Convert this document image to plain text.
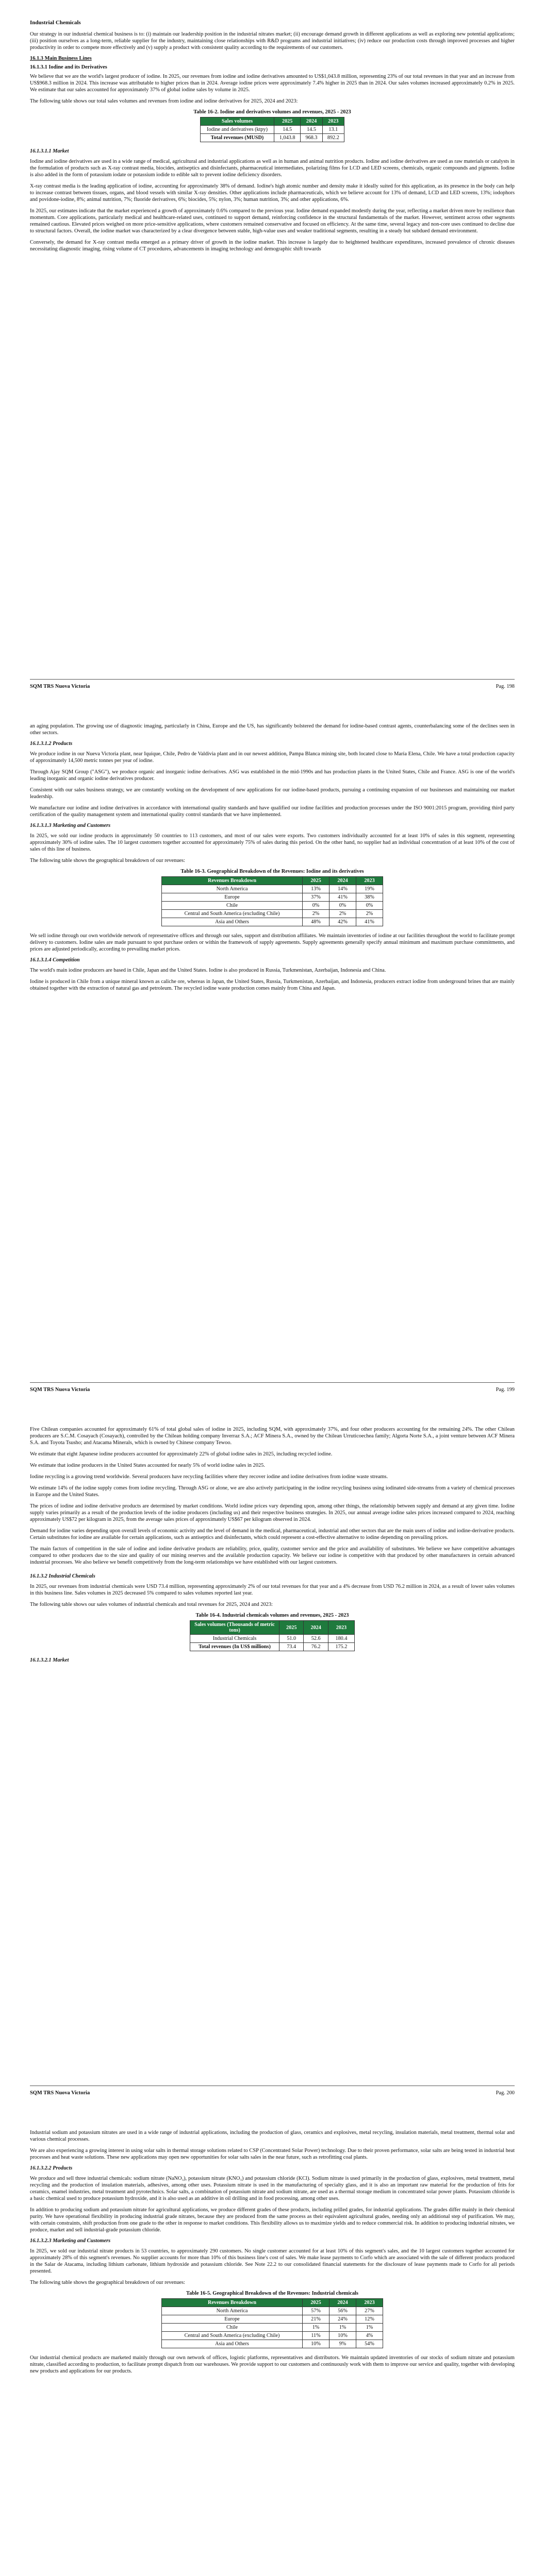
Industrial Chemicals

Our strategy in our industrial chemical business is to: (i) maintain our leadership position in the industrial nitrates market; (ii) encourage demand growth in different applications as well as exploring new potential applications; (iii) position ourselves as a long-term, reliable supplier for the industry, maintaining close relationships with R&D programs and industrial initiatives; (iv) reduce our production costs through improved processes and higher productivity in order to compete more effectively and (v) supply a product with consistent quality according to the requirements of our customers.

16.1.3 Main Business Lines
16.1.3.1 Iodine and its Derivatives

We believe that we are the world's largest producer of iodine. In 2025, our revenues from iodine and iodine derivatives amounted to US$1,043.8 million, representing 23% of our total revenues in that year and an increase from US$968.3 million in 2024. This increase was attributable to higher prices than in 2024. Average iodine prices were approximately 7.4% higher in 2025 than in 2024. Our sales volumes increased approximately 0.2% in 2025. We estimate that our sales accounted for approximately 37% of global iodine sales by volume in 2025.

The following table shows our total sales volumes and revenues from iodine and iodine derivatives for 2025, 2024 and 2023:

Table 16-2. Iodine and derivatives volumes and revenues, 2025 - 2023
Sales volumes	2025	2024	2023
Iodine and derivatives (ktpy)	14.5	14.5	13.1
Total revenues (MUSD)	1,043.8	968.3	892.2
16.1.3.1.1 Market

Iodine and iodine derivatives are used in a wide range of medical, agricultural and industrial applications as well as in human and animal nutrition products. Iodine and iodine derivatives are used as raw materials or catalysts in the formulation of products such as X-ray contrast media, biocides, antiseptics and disinfectants, pharmaceutical intermediates, polarizing films for LCD and LED screens, chemicals, organic compounds and pigments. Iodine is also added in the form of potassium iodate or potassium iodide to edible salt to prevent iodine deficiency disorders.

X-ray contrast media is the leading application of iodine, accounting for approximately 38% of demand. Iodine's high atomic number and density make it ideally suited for this application, as its presence in the body can help to increase contrast between tissues, organs, and blood vessels with similar X-ray densities. Other applications include pharmaceuticals, which we believe account for 13% of demand, LCD and LED screens, 13%; iodophors and povidone-iodine, 8%; animal nutrition, 7%; fluoride derivatives, 6%; biocides, 5%; nylon, 3%; human nutrition, 3%; and other applications, 6%.

In 2025, our estimates indicate that the market experienced a growth of approximately 0.6% compared to the previous year. Iodine demand expanded modestly during the year, reflecting a market driven more by resilience than momentum. Core applications, particularly medical and healthcare-related uses, continued to support demand, reinforcing confidence in the structural fundamentals of the market. However, sentiment across other segments remained cautious. Elevated prices weighed on more price-sensitive applications, where customers remained conservative and focused on efficiency. At the same time, several legacy and non-core uses continued to decline due to structural factors. Overall, the iodine market was characterized by a clear divergence between stable, high-value uses and weaker traditional segments, resulting in a steady but subdued demand environment.

Conversely, the demand for X-ray contrast media emerged as a primary driver of growth in the iodine market. This increase is largely due to heightened healthcare expenditures, increased prevalence of chronic diseases necessitating diagnostic imaging, rising volume of CT procedures, advancements in imaging technology and demographic shift towards

SQM TRS Nuova Victoria	Pag. 198

an aging population. The growing use of diagnostic imaging, particularly in China, Europe and the US, has significantly bolstered the demand for iodine-based contrast agents, counterbalancing some of the declines seen in other sectors.

16.1.3.1.2 Products

We produce iodine in our Nueva Victoria plant, near Iquique, Chile, Pedro de Valdivia plant and in our newest addition, Pampa Blanca mining site, both located close to María Elena, Chile. We have a total production capacity of approximately 14,500 metric tonnes per year of iodine.

Through Ajay SQM Group ("ASG"), we produce organic and inorganic iodine derivatives. ASG was established in the mid-1990s and has production plants in the United States, Chile and France. ASG is one of the world's leading inorganic and organic iodine derivatives producer.

Consistent with our sales business strategy, we are constantly working on the development of new applications for our iodine-based products, pursuing a continuing expansion of our businesses and maintaining our market leadership.

We manufacture our iodine and iodine derivatives in accordance with international quality standards and have qualified our iodine facilities and production processes under the ISO 9001:2015 program, providing third party certification of the quality management system and international quality control standards that we have implemented.

16.1.3.1.3 Marketing and Customers

In 2025, we sold our iodine products in approximately 50 countries to 113 customers, and most of our sales were exports. Two customers individually accounted for at least 10% of sales in this segment, representing approximately 30% of iodine sales. The 10 largest customers together accounted for approximately 75% of sales during this period. On the other hand, no supplier had an individual concentration of at least 10% of the cost of sales of this line of business.

The following table shows the geographical breakdown of our revenues:

Table 16-3. Geographical Breakdown of the Revenues: Iodine and its derivatives
Revenues Breakdown	2025	2024	2023
North America	13%	14%	19%
Europe	37%	41%	38%
Chile	0%	0%	0%
Central and South America (excluding Chile)	2%	2%	2%
Asia and Others	48%	42%	41%

We sell iodine through our own worldwide network of representative offices and through our sales, support and distribution affiliates. We maintain inventories of iodine at our facilities throughout the world to facilitate prompt delivery to customers. Iodine sales are made pursuant to spot purchase orders or within the framework of supply agreements. Supply agreements generally specify annual minimum and maximum purchase commitments, and prices are adjusted periodically, according to prevailing market prices.

16.1.3.1.4 Competition

The world's main iodine producers are based in Chile, Japan and the United States. Iodine is also produced in Russia, Turkmenistan, Azerbaijan, Indonesia and China.

Iodine is produced in Chile from a unique mineral known as caliche ore, whereas in Japan, the United States, Russia, Turkmenistan, Azerbaijan, and Indonesia, producers extract iodine from underground brines that are mainly obtained together with the extraction of natural gas and petroleum. The recycled iodine waste production comes mainly from China and Japan.

SQM TRS Nuova Victoria	Pag. 199

Five Chilean companies accounted for approximately 61% of total global sales of iodine in 2025, including SQM, with approximately 37%, and four other producers accounting for the remaining 24%. The other Chilean producers are S.C.M. Cosayach (Cosayach), controlled by the Chilean holding company Inverraz S.A.; ACF Minera S.A., owned by the Chilean Urruticoechea family; Algorta Norte S.A., a joint venture between ACF Minera S.A. and Toyota Tsusho; and Atacama Minerals, which is owned by Chinese company Tewoo.

We estimate that eight Japanese iodine producers accounted for approximately 22% of global iodine sales in 2025, including recycled iodine.

We estimate that iodine producers in the United States accounted for nearly 5% of world iodine sales in 2025.

Iodine recycling is a growing trend worldwide. Several producers have recycling facilities where they recover iodine and iodine derivatives from iodine waste streams.

We estimate 14% of the iodine supply comes from iodine recycling. Through ASG or alone, we are also actively participating in the iodine recycling business using iodinated side-streams from a variety of chemical processes in Europe and the United States.

The prices of iodine and iodine derivative products are determined by market conditions. World iodine prices vary depending upon, among other things, the relationship between supply and demand at any given time. Iodine supply varies primarily as a result of the production levels of the iodine producers (including us) and their respective business strategies. In 2025, our annual average iodine sales prices increased compared to 2024, reaching approximately US$72 per kilogram in 2025, from the average sales prices of approximately US$67 per kilogram observed in 2024.

Demand for iodine varies depending upon overall levels of economic activity and the level of demand in the medical, pharmaceutical, industrial and other sectors that are the main users of iodine and iodine-derivative products. Certain substitutes for iodine are available for certain applications, such as antiseptics and disinfectants, which could represent a cost-effective alternative to iodine depending on prevailing prices.

The main factors of competition in the sale of iodine and iodine derivative products are reliability, price, quality, customer service and the price and availability of substitutes. We believe we have competitive advantages compared to other producers due to the size and quality of our mining reserves and the available production capacity. We believe our iodine is competitive with that produced by other manufacturers in certain advanced industrial processes. We also believe we benefit competitively from the long-term relationships we have established with our largest customers.

16.1.3.2 Industrial Chemicals

In 2025, our revenues from industrial chemicals were USD 73.4 million, representing approximately 2% of our total revenues for that year and a 4% decrease from USD 76.2 million in 2024, as a result of lower sales volumes in this business line. Sales volumes in 2025 decreased 5% compared to sales volumes reported last year.

The following table shows our sales volumes of industrial chemicals and total revenues for 2025, 2024 and 2023:

Table 16-4. Industrial chemicals volumes and revenues, 2025 - 2023
Sales volumes (Thousands of metric tons)	2025	2024	2023
Industrial Chemicals	51.0	52.6	180.4
Total revenues (In US$ millions)	73.4	76.2	175.2
16.1.3.2.1 Market
SQM TRS Nuova Victoria	Pag. 200

Industrial sodium and potassium nitrates are used in a wide range of industrial applications, including the production of glass, ceramics and explosives, metal recycling, insulation materials, metal treatment, thermal solar and various chemical processes.

We are also experiencing a growing interest in using solar salts in thermal storage solutions related to CSP (Concentrated Solar Power) technology. Due to their proven performance, solar salts are being tested in industrial heat processes and heat waste solutions. These new applications may open new opportunities for solar salts sales in the near future, such as retrofitting coal plants.

16.1.3.2.2 Products

We produce and sell three industrial chemicals: sodium nitrate (NaNO₃), potassium nitrate (KNO₃) and potassium chloride (KCl). Sodium nitrate is used primarily in the production of glass, explosives, metal treatment, metal recycling and the production of insulation materials, adhesives, among other uses. Potassium nitrate is used in the manufacturing of specialty glass, and it is also an important raw material for the production of frits for ceramics, enamel industries, metal treatment and pyrotechnics. Solar salts, a combination of potassium nitrate and sodium nitrate, are used as a thermal storage medium in concentrated solar power plants. Potassium chloride is a basic chemical used to produce potassium hydroxide, and it is also used as an additive in oil drilling and in food processing, among other uses.

In addition to producing sodium and potassium nitrate for agricultural applications, we produce different grades of these products, including prilled grades, for industrial applications. The grades differ mainly in their chemical purity. We have operational flexibility in producing industrial grade nitrates, because they are produced from the same process as their equivalent agricultural grades, needing only an additional step of purification. We may, with certain constraints, shift production from one grade to the other in response to market conditions. This flexibility allows us to maximize yields and to reduce commercial risk. In addition to producing industrial nitrates, we produce, market and sell industrial-grade potassium chloride.

16.1.3.2.3 Marketing and Customers

In 2025, we sold our industrial nitrate products in 53 countries, to approximately 290 customers. No single customer accounted for at least 10% of this segment's sales, and the 10 largest customers together accounted for approximately 28% of this segment's revenues. No supplier accounts for more than 10% of this business line's cost of sales. We make lease payments to Corfo which are associated with the sale of different products produced in the Salar de Atacama, including lithium carbonate, lithium hydroxide and potassium chloride. See Note 22.2 to our consolidated financial statements for the disclosure of lease payments made to Corfo for all periods presented.

The following table shows the geographical breakdown of our revenues:

Table 16-5. Geographical Breakdown of the Revenues: Industrial chemicals
Revenues Breakdown	2025	2024	2023
North America	57%	56%	27%
Europe	21%	24%	12%
Chile	1%	1%	1%
Central and South America (excluding Chile)	11%	10%	4%
Asia and Others	10%	9%	54%

Our industrial chemical products are marketed mainly through our own network of offices, logistic platforms, representatives and distributors. We maintain updated inventories of our stocks of sodium nitrate and potassium nitrate, classified according to production, to facilitate prompt dispatch from our warehouses. We provide support to our customers and continuously work with them to improve our service and quality, together with developing new products and applications for our products.
